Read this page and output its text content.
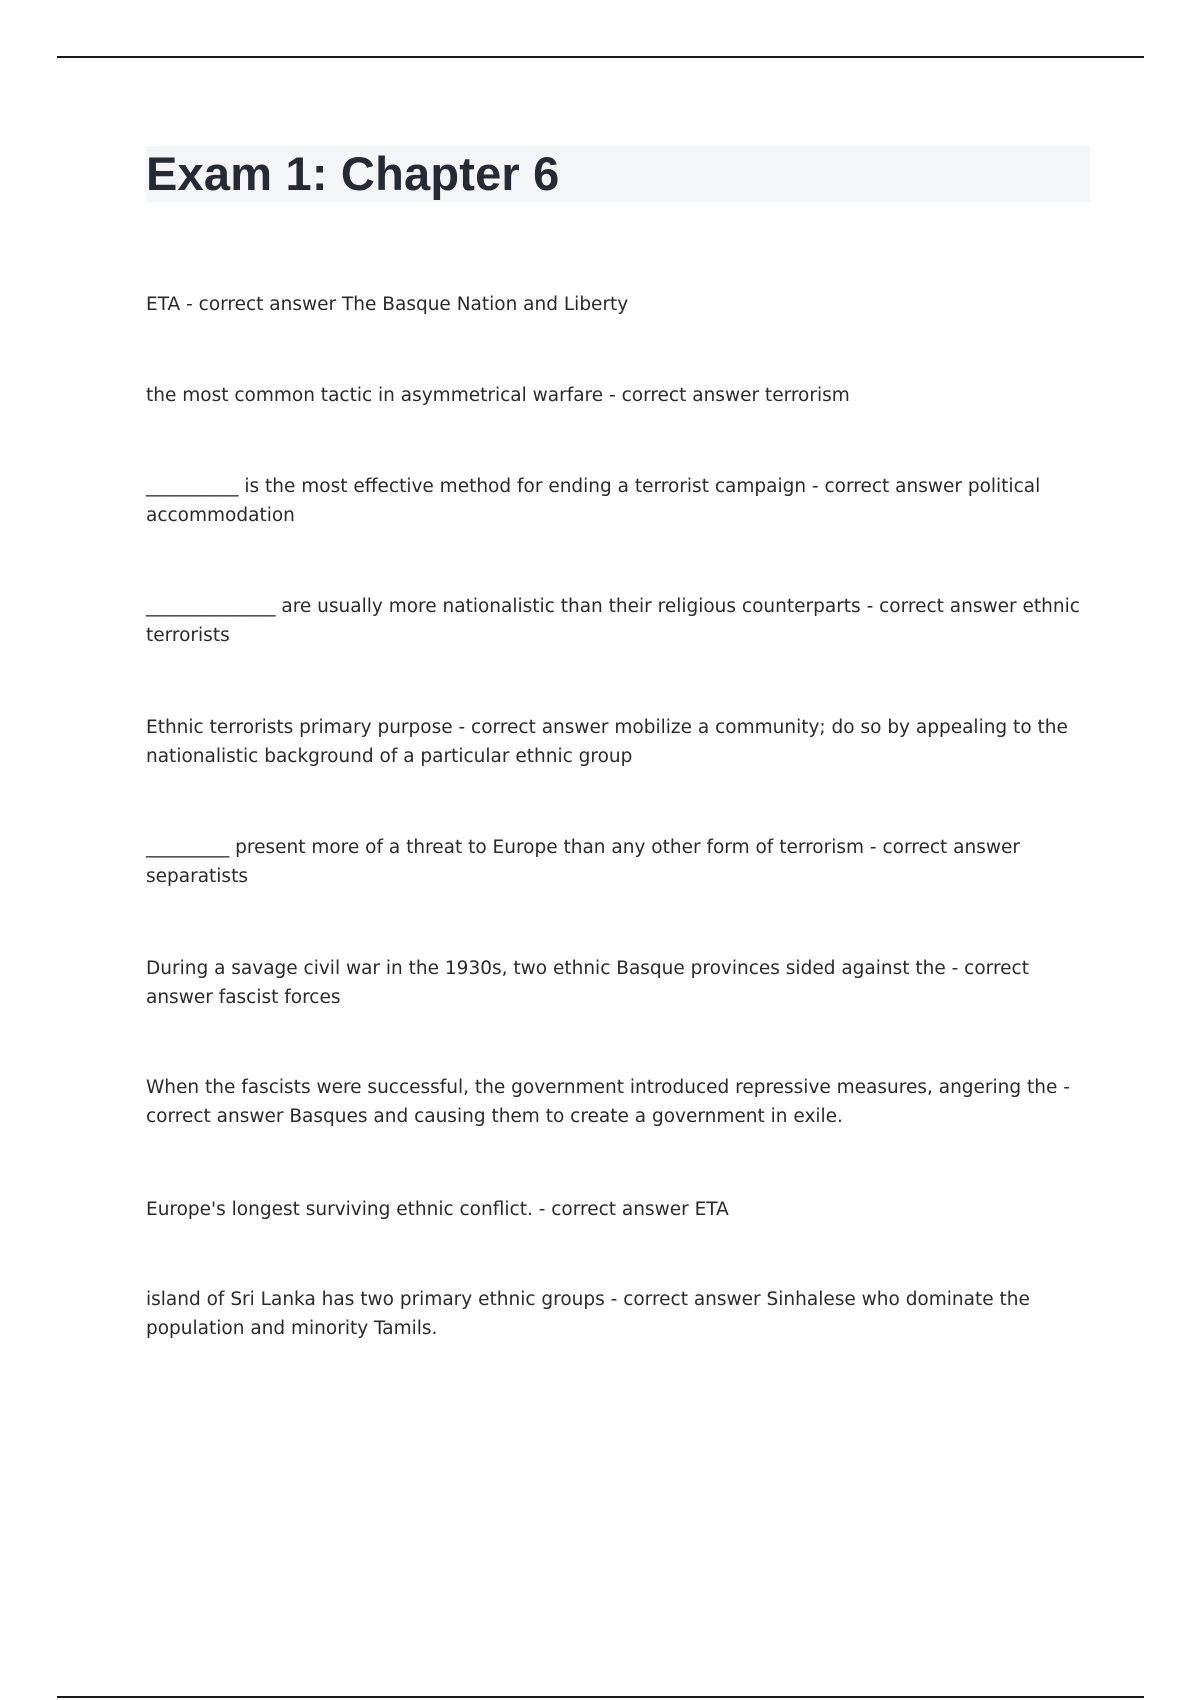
Exam 1: Chapter 6

ETA - correct answer The Basque Nation and Liberty

the most common tactic in asymmetrical warfare - correct answer terrorism

__________ is the most effective method for ending a terrorist campaign - correct answer political accommodation

______________ are usually more nationalistic than their religious counterparts - correct answer ethnic terrorists

Ethnic terrorists primary purpose - correct answer mobilize a community; do so by appealing to the nationalistic background of a particular ethnic group

_________ present more of a threat to Europe than any other form of terrorism - correct answer separatists

During a savage civil war in the 1930s, two ethnic Basque provinces sided against the - correct answer fascist forces

When the fascists were successful, the government introduced repressive measures, angering the - correct answer Basques and causing them to create a government in exile.

Europe's longest surviving ethnic conflict. - correct answer ETA

island of Sri Lanka has two primary ethnic groups - correct answer Sinhalese who dominate the population and minority Tamils.
